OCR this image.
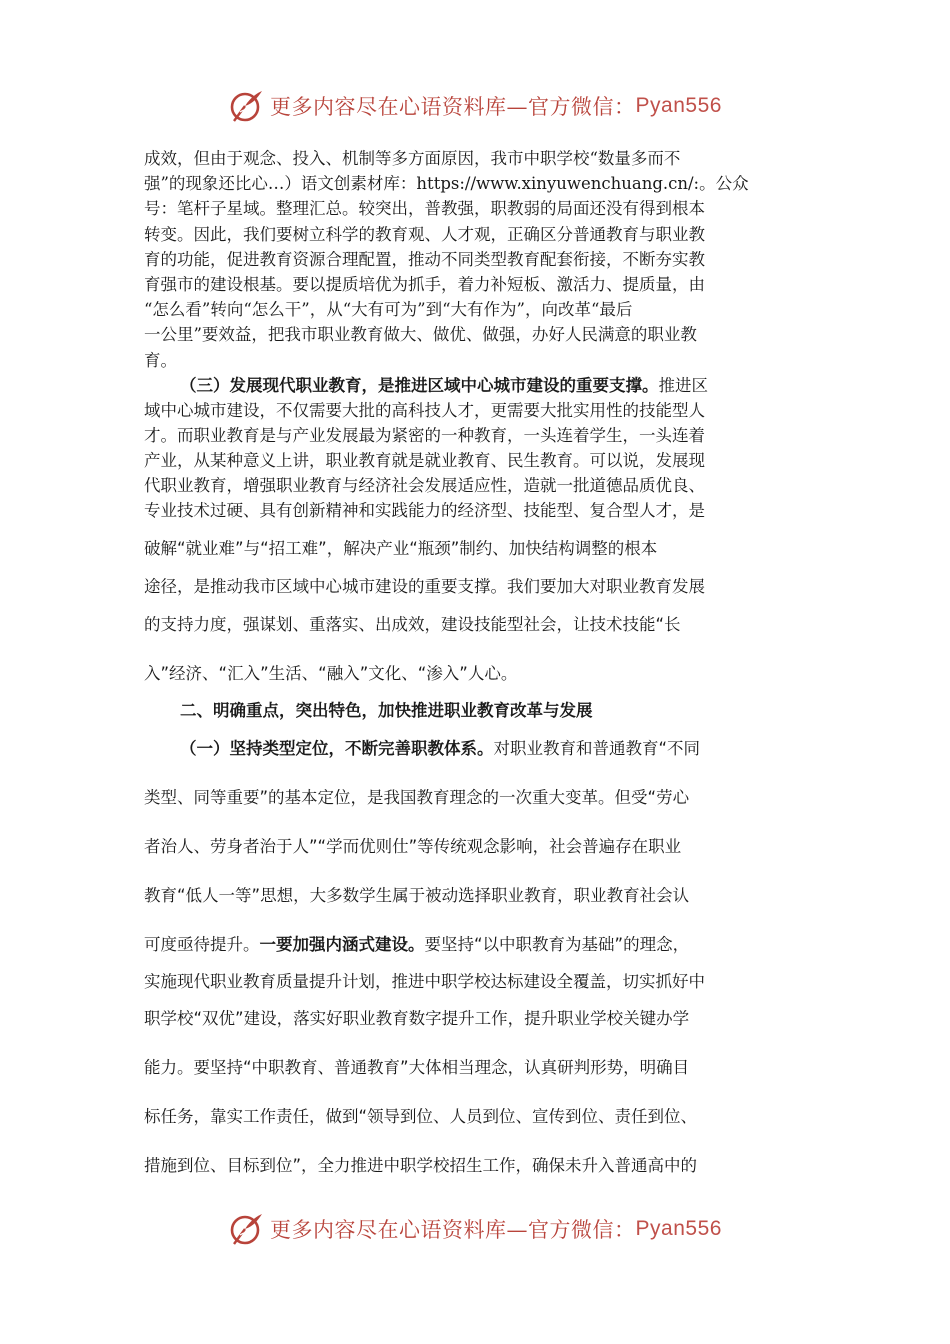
更多内容尽在心语资料库—官方微信： Pyan556
成效，但由于观念、投入、机制等多方面原因，我市中职学校“数量多而不
强”的现象还比心…）语文创素材库：https://www.xinyuwenchuang.cn/:。公众
号：笔杆子星域。整理汇总。较突出，普教强，职教弱的局面还没有得到根本
转变。因此，我们要树立科学的教育观、人才观，正确区分普通教育与职业教
育的功能，促进教育资源合理配置，推动不同类型教育配套衔接，不断夯实教
育强市的建设根基。要以提质培优为抓手，着力补短板、激活力、提质量，由
“怎么看”转向“怎么干”，从“大有可为”到“大有作为”，向改革“最后
一公里”要效益，把我市职业教育做大、做优、做强，办好人民满意的职业教
育。
（三）发展现代职业教育，是推进区域中心城市建设的重要支撑。推进区
域中心城市建设，不仅需要大批的高科技人才，更需要大批实用性的技能型人
才。而职业教育是与产业发展最为紧密的一种教育，一头连着学生，一头连着
产业，从某种意义上讲，职业教育就是就业教育、民生教育。可以说，发展现
代职业教育，增强职业教育与经济社会发展适应性，造就一批道德品质优良、
专业技术过硬、具有创新精神和实践能力的经济型、技能型、复合型人才，是
破解“就业难”与“招工难”，解决产业“瓶颈”制约、加快结构调整的根本
途径，是推动我市区域中心城市建设的重要支撑。我们要加大对职业教育发展
的支持力度，强谋划、重落实、出成效，建设技能型社会，让技术技能“长
入”经济、“汇入”生活、“融入”文化、“渗入”人心。
二、明确重点，突出特色，加快推进职业教育改革与发展
（一）坚持类型定位，不断完善职教体系。对职业教育和普通教育“不同
类型、同等重要”的基本定位，是我国教育理念的一次重大变革。但受“劳心
者治人、劳身者治于人”“学而优则仕”等传统观念影响，社会普遍存在职业
教育“低人一等”思想，大多数学生属于被动选择职业教育，职业教育社会认
可度亟待提升。一要加强内涵式建设。要坚持“以中职教育为基础”的理念，
实施现代职业教育质量提升计划，推进中职学校达标建设全覆盖，切实抓好中
职学校“双优”建设，落实好职业教育数字提升工作，提升职业学校关键办学
能力。要坚持“中职教育、普通教育”大体相当理念，认真研判形势，明确目
标任务，靠实工作责任，做到“领导到位、人员到位、宣传到位、责任到位、
措施到位、目标到位”，全力推进中职学校招生工作，确保未升入普通高中的
更多内容尽在心语资料库—官方微信： Pyan556
